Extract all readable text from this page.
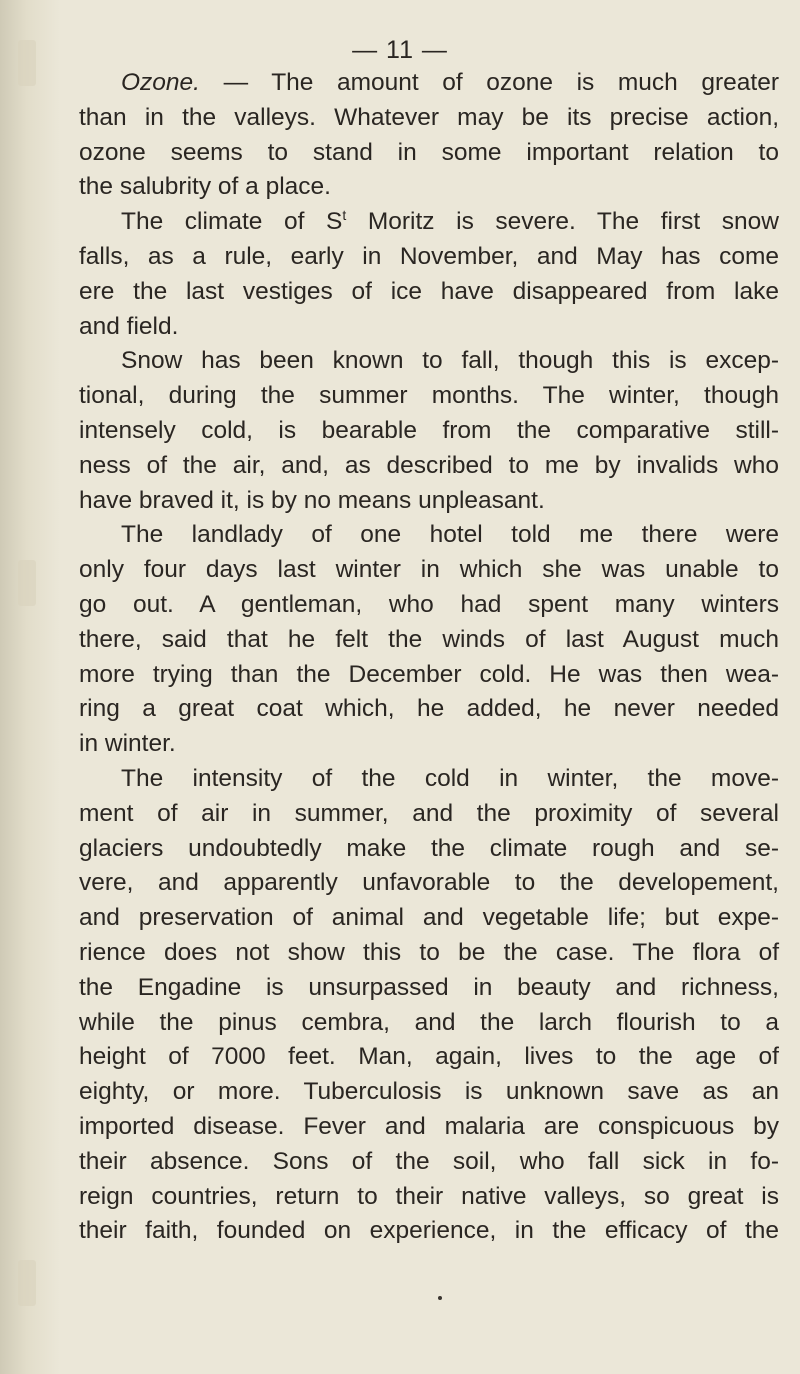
— 11 —
Ozone. — The amount of ozone is much greater
than in the valleys. Whatever may be its precise action,
ozone seems to stand in some important relation to
the salubrity of a place.
The climate of $S^t$ Moritz is severe. The first snow
falls, as a rule, early in November, and May has come
ere the last vestiges of ice have disappeared from lake
and field.
Snow has been known to fall, though this is excep-
tional, during the summer months. The winter, though
intensely cold, is bearable from the comparative still-
ness of the air, and, as described to me by invalids who
have braved it, is by no means unpleasant.
The landlady of one hotel told me there were
only four days last winter in which she was unable to
go out. A gentleman, who had spent many winters
there, said that he felt the winds of last August much
more trying than the December cold. He was then wea-
ring a great coat which, he added, he never needed
in winter.
The intensity of the cold in winter, the move-
ment of air in summer, and the proximity of several
glaciers undoubtedly make the climate rough and se-
vere, and apparently unfavorable to the developement,
and preservation of animal and vegetable life; but expe-
rience does not show this to be the case. The flora of
the Engadine is unsurpassed in beauty and richness,
while the pinus cembra, and the larch flourish to a
height of 7000 feet. Man, again, lives to the age of
eighty, or more. Tuberculosis is unknown save as an
imported disease. Fever and malaria are conspicuous by
their absence. Sons of the soil, who fall sick in fo-
reign countries, return to their native valleys, so great is
their faith, founded on experience, in the efficacy of the
